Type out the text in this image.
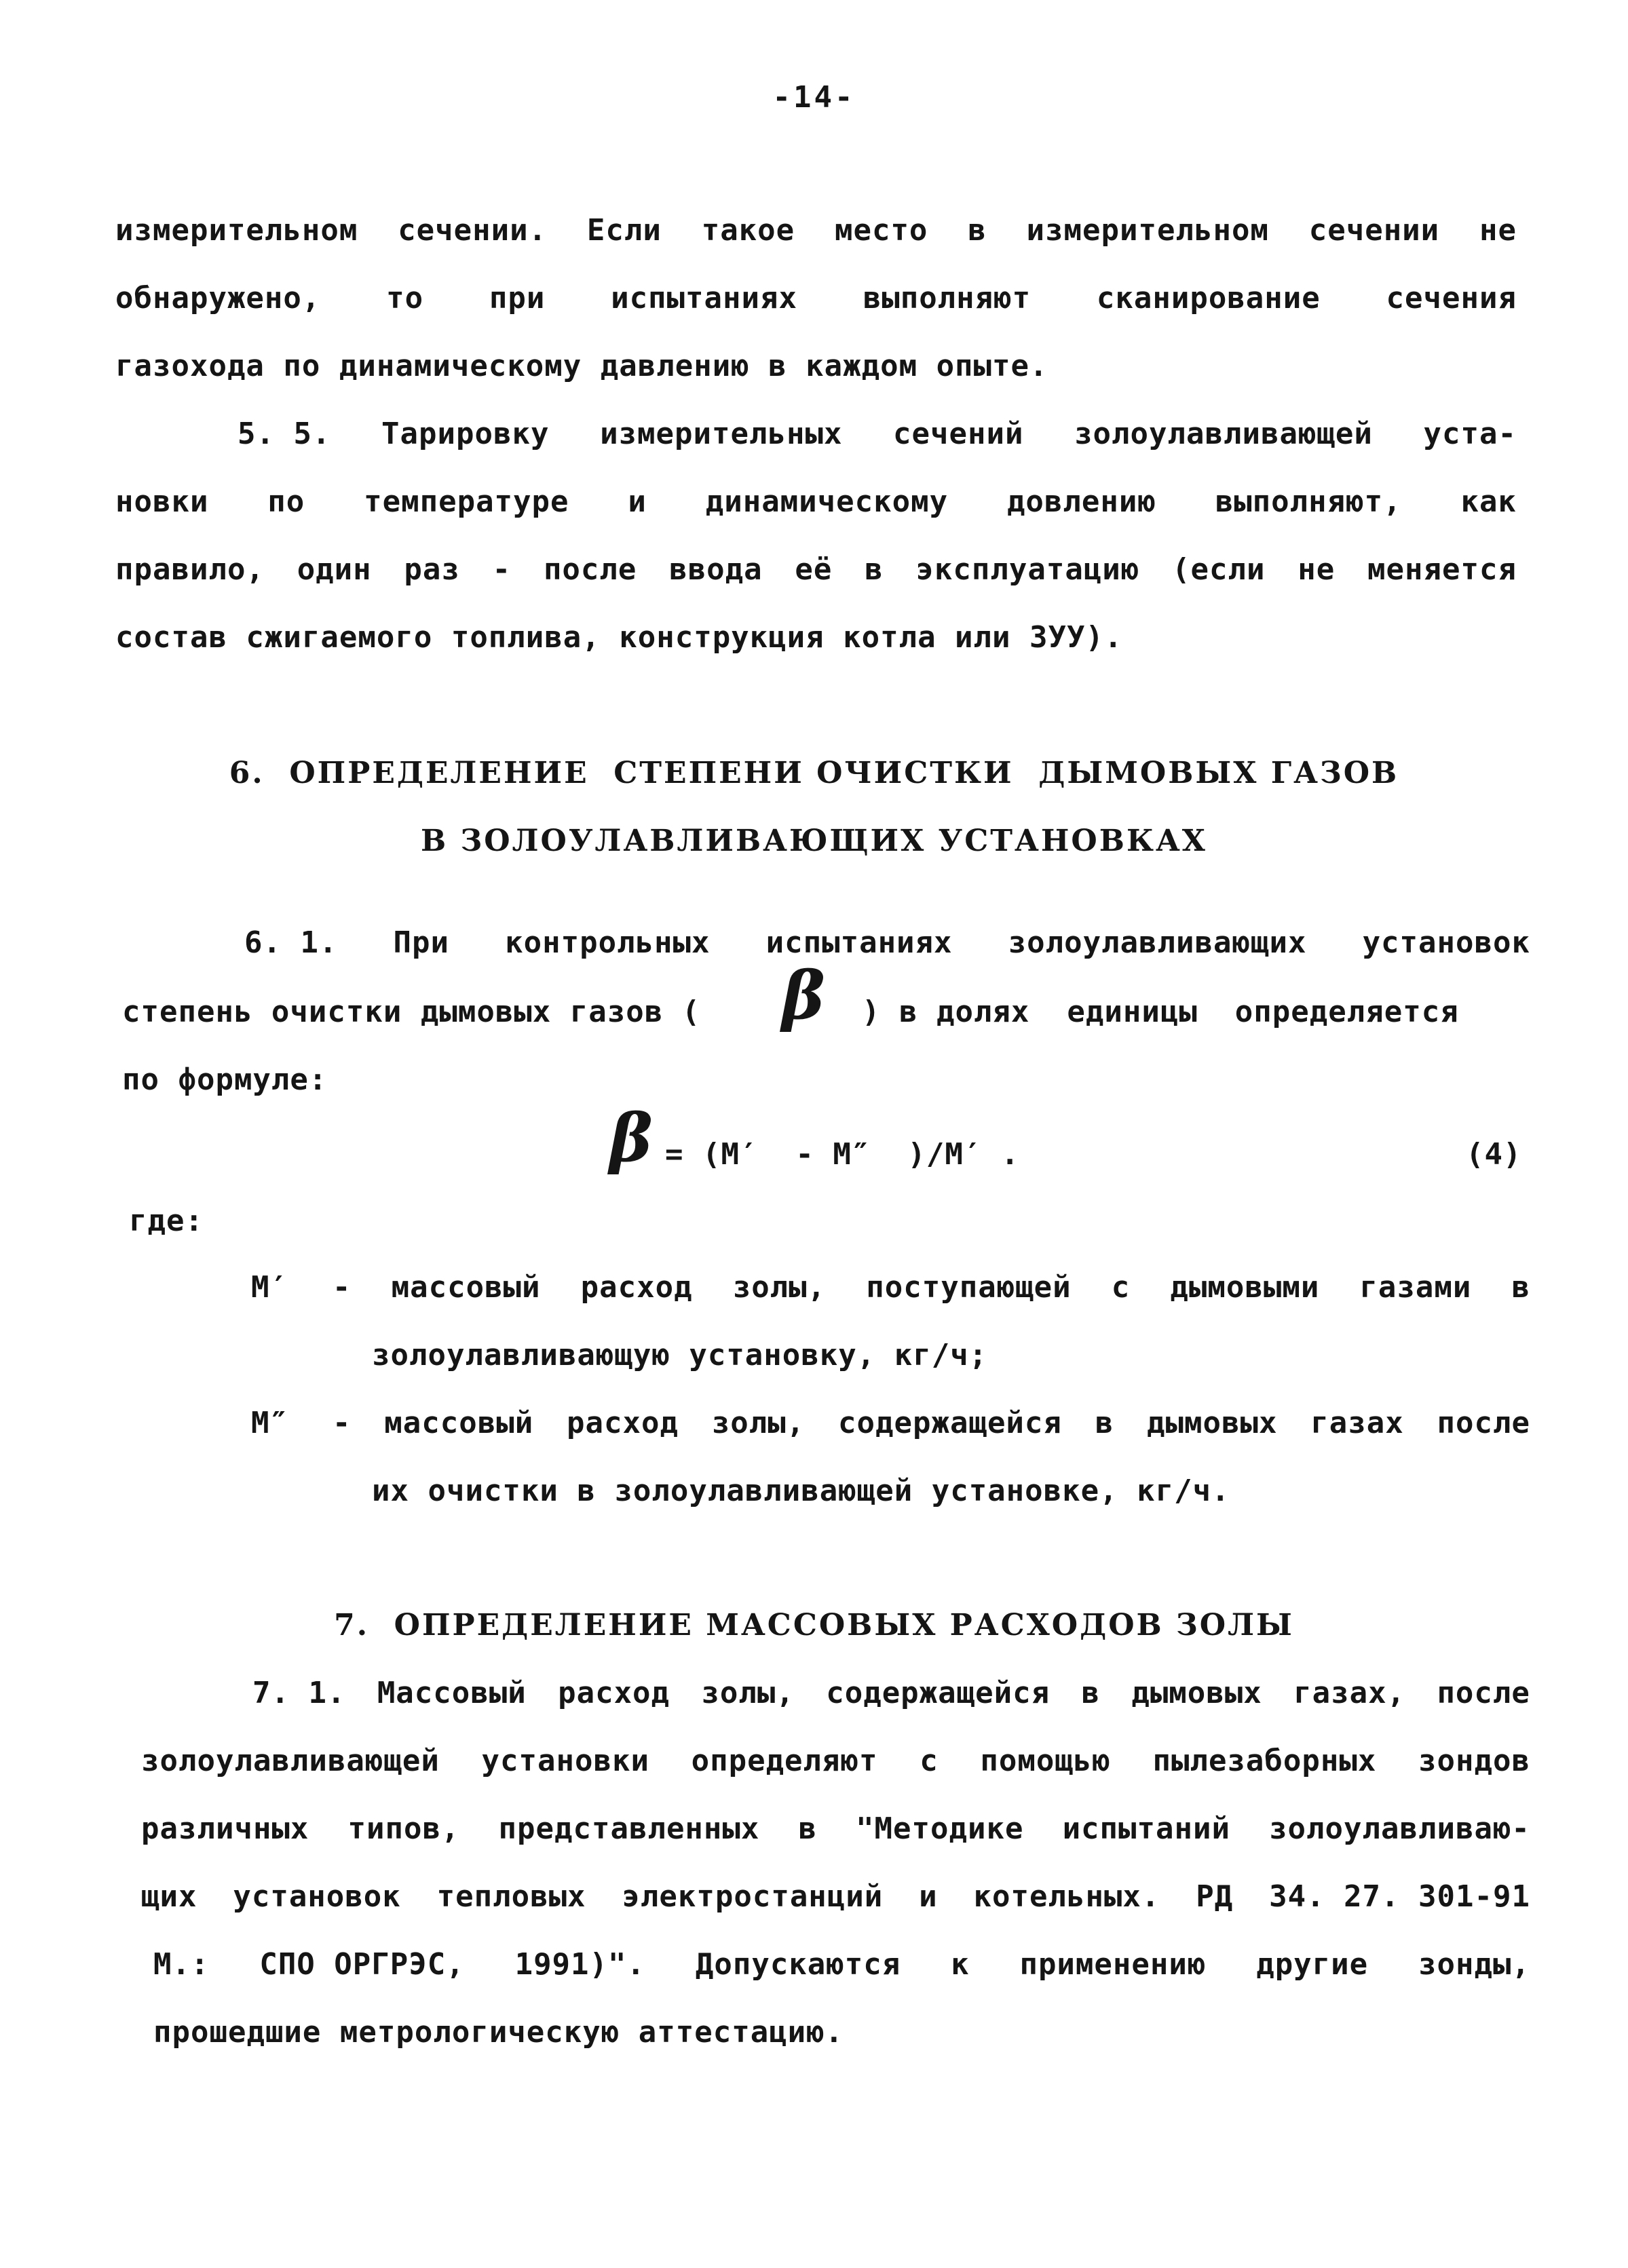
-14-
измерительном сечении. Если такое место в измерительном сечении не
обнаружено, то при испытаниях выполняют сканирование сечения
газохода по динамическому давлению в каждом опыте.
5. 5. Тарировку измерительных сечений золоулавливающей уста-
новки по температуре и динамическому довлению выполняют, как
правило, один раз - после ввода её в эксплуатацию (если не меняется
состав сжигаемого топлива, конструкция котла или ЗУУ).
6.  ОПРЕДЕЛЕНИЕ  СТЕПЕНИ ОЧИСТКИ  ДЫМОВЫХ ГАЗОВ
В ЗОЛОУЛАВЛИВАЮЩИХ УСТАНОВКАХ
6. 1. При контрольных испытаниях золоулавливающих установок
степень очистки дымовых газов ( β ) в долях  единицы  определяется
по формуле:
β = (М′  - М″  )/М′ .	(4)
где:
М′ - массовый расход золы, поступающей с дымовыми газами в
золоулавливающую установку, кг/ч;
М″ - массовый расход золы, содержащейся в дымовых газах после
их очистки в золоулавливающей установке, кг/ч.
7.  ОПРЕДЕЛЕНИЕ МАССОВЫХ РАСХОДОВ ЗОЛЫ
7. 1. Массовый расход золы, содержащейся в дымовых газах, после
золоулавливающей установки определяют с помощью пылезаборных зондов
различных типов, представленных в "Методике испытаний золоулавливаю-
щих установок тепловых электростанций и котельных. РД 34. 27. 301-91
М.: СПО ОРГРЭС, 1991)". Допускаются к применению другие зонды,
прошедшие метрологическую аттестацию.
